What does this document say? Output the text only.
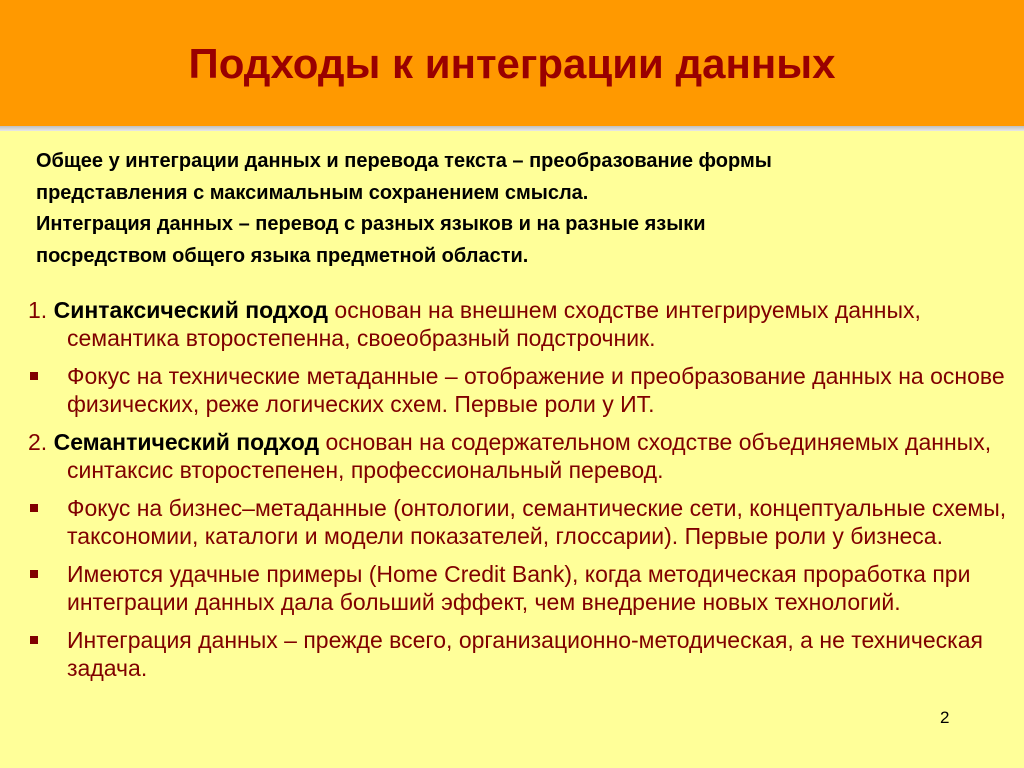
Подходы к интеграции данных
Общее у интеграции данных и перевода текста – преобразование формы
представления с максимальным сохранением смысла.
Интеграция данных – перевод с разных языков и на разные языки
посредством общего языка предметной области.
1. Синтаксический подход основан на внешнем сходстве интегрируемых данных, семантика второстепенна, своеобразный подстрочник.
Фокус на технические метаданные – отображение и преобразование данных на основе физических, реже логических схем. Первые роли у ИТ.
2. Семантический подход основан на содержательном сходстве объединяемых данных, синтаксис второстепенен, профессиональный перевод.
Фокус на бизнес–метаданные (онтологии, семантические сети, концептуальные схемы, таксономии, каталоги и модели показателей, глоссарии). Первые роли у бизнеса.
Имеются удачные примеры (Home Credit Bank), когда методическая проработка при интеграции данных дала больший эффект, чем внедрение новых технологий.
Интеграция данных – прежде всего, организационно-методическая, а не техническая задача.
2
